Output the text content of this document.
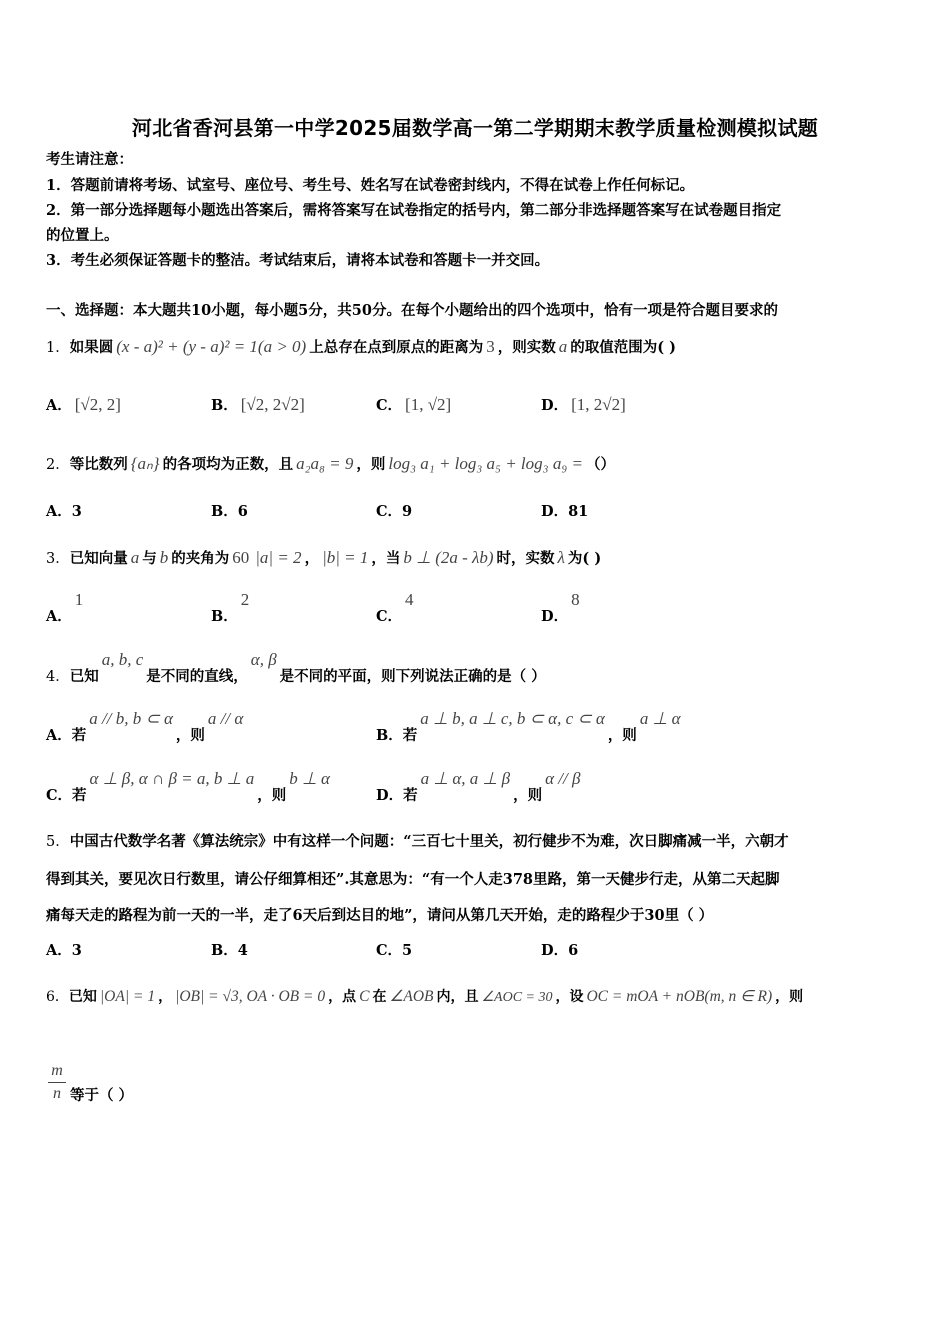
河北省香河县第一中学2025届数学高一第二学期期末教学质量检测模拟试题
考生请注意：
1．答题前请将考场、试室号、座位号、考生号、姓名写在试卷密封线内，不得在试卷上作任何标记。
2．第一部分选择题每小题选出答案后，需将答案写在试卷指定的括号内，第二部分非选择题答案写在试卷题目指定
的位置上。
3．考生必须保证答题卡的整洁。考试结束后，请将本试卷和答题卡一并交回。
一、选择题：本大题共10小题，每小题5分，共50分。在每个小题给出的四个选项中，恰有一项是符合题目要求的
1．如果圆 (x - a)² + (y - a)² = 1(a > 0) 上总存在点到原点的距离为 3 ，则实数 a 的取值范围为( )
A． [√2, 2]	B． [√2, 2√2]	C． [1, √2]	D． [1, 2√2]
2．等比数列 {aₙ} 的各项均为正数，且 a₂a₈ = 9 ，则 log₃ a₁ + log₃ a₅ + log₃ a₉ = （）
A．3	B．6	C．9	D．81
3．已知向量 a 与 b 的夹角为 60 |a| = 2 ， |b| = 1 ，当 b ⊥ (2a - λb) 时，实数 λ 为( )
A．1
B．2
C．4
D．8
4．已知a, b, c是不同的直线，α, β是不同的平面，则下列说法正确的是（ ）
A．若a // b, b ⊂ α，则a // α
B．若a ⊥ b, a ⊥ c, b ⊂ α, c ⊂ α，则a ⊥ α
C．若α ⊥ β, α ∩ β = a, b ⊥ a，则b ⊥ α
D．若a ⊥ α, a ⊥ β，则α // β
5．中国古代数学名著《算法统宗》中有这样一个问题：“三百七十里关，初行健步不为难，次日脚痛减一半，六朝才
得到其关，要见次日行数里，请公仔细算相还”.其意思为：“有一个人走378里路，第一天健步行走，从第二天起脚
痛每天走的路程为前一天的一半，走了6天后到达目的地”，请问从第几天开始，走的路程少于30里（ ）
A．3	B．4	C．5	D．6
6．已知 |OA| = 1 ， |OB| = √3, OA · OB = 0 ，点 C 在 ∠AOB 内，且 ∠AOC = 30 ，设 OC = mOA + nOB(m, n ∈ R) ，则
m
n 等于（ ）
